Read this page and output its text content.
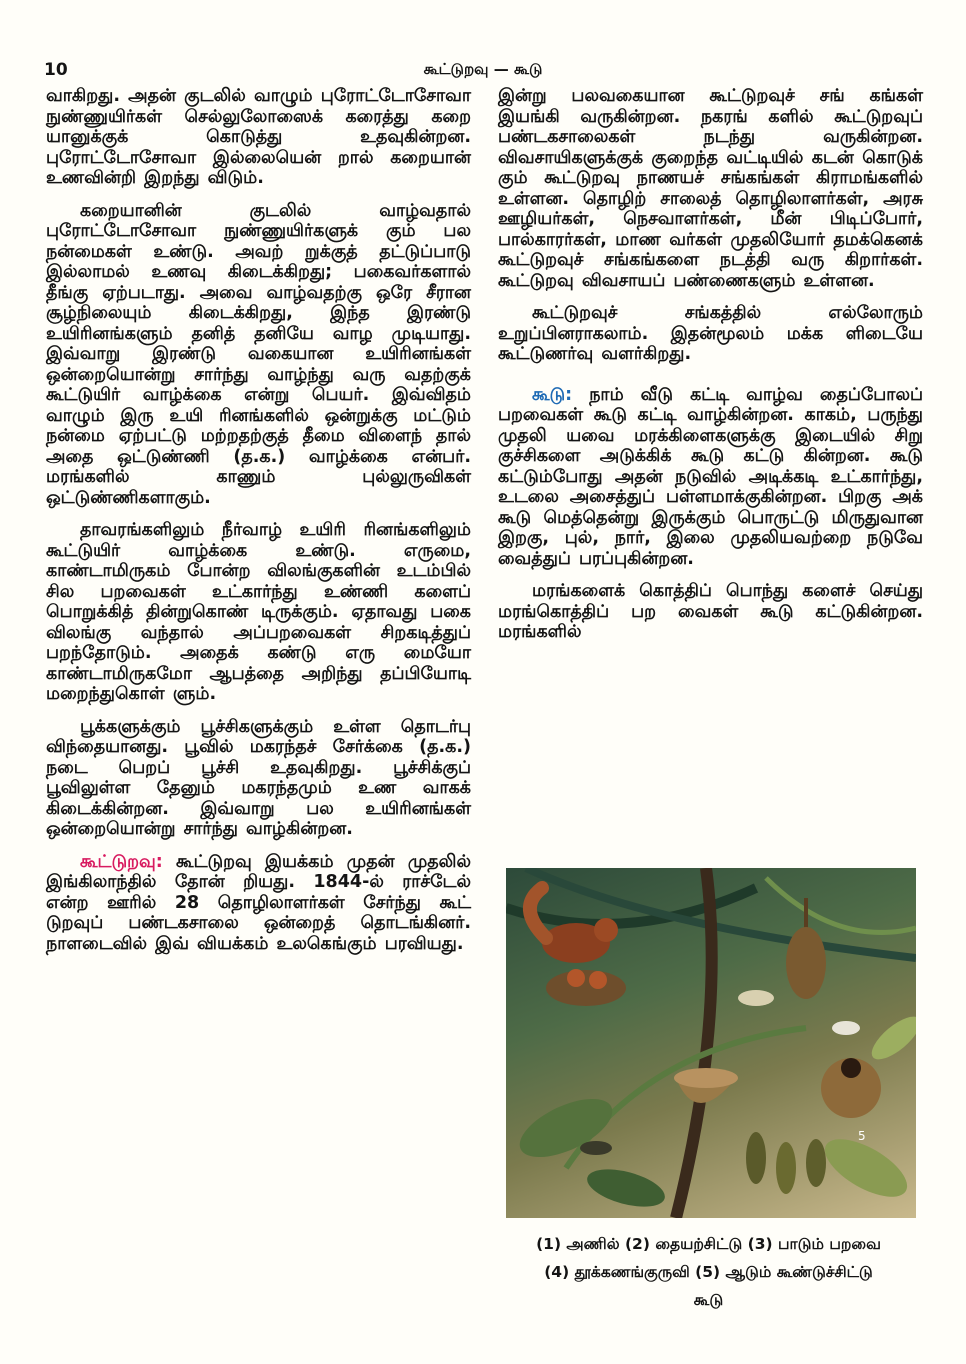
10	கூட்டுறவு — கூடு

வாகிறது. அதன் குடலில் வாழும் புரோட்டோசோவா நுண்ணுயிர்கள் செல்லுலோஸைக் கரைத்து கறை யானுக்குக் கொடுத்து உதவுகின்றன. புரோட்டோசோவா இல்லையென் றால் கறையான் உணவின்றி இறந்து விடும்.

கறையானின் குடலில் வாழ்வதால் புரோட்டோசோவா நுண்ணுயிர்களுக் கும் பல நன்மைகள் உண்டு. அவற் றுக்குத் தட்டுப்பாடு இல்லாமல் உணவு கிடைக்கிறது; பகைவர்களால் தீங்கு ஏற்படாது. அவை வாழ்வதற்கு ஒரே சீரான சூழ்நிலையும் கிடைக்கிறது, இந்த இரண்டு உயிரினங்களும் தனித் தனியே வாழ முடியாது. இவ்வாறு இரண்டு வகையான உயிரினங்கள் ஒன்றையொன்று சார்ந்து வாழ்ந்து வரு வதற்குக் கூட்டுயிர் வாழ்க்கை என்று பெயர். இவ்விதம் வாழும் இரு உயி ரினங்களில் ஒன்றுக்கு மட்டும் நன்மை ஏற்பட்டு மற்றதற்குத் தீமை விளைந் தால் அதை ஒட்டுண்ணி (த.க.) வாழ்க்கை என்பர். மரங்களில் காணும் புல்லுருவிகள் ஒட்டுண்ணிகளாகும்.

தாவரங்களிலும் நீர்வாழ் உயிரி ரினங்களிலும் கூட்டுயிர் வாழ்க்கை உண்டு. எருமை, காண்டாமிருகம் போன்ற விலங்குகளின் உடம்பில் சில பறவைகள் உட்கார்ந்து உண்ணி களைப் பொறுக்கித் தின்றுகொண் டிருக்கும். ஏதாவது பகை விலங்கு வந்தால் அப்பறவைகள் சிறகடித்துப் பறந்தோடும். அதைக் கண்டு எரு மையோ காண்டாமிருகமோ ஆபத்தை அறிந்து தப்பியோடி மறைந்துகொள் ளும்.

பூக்களுக்கும் பூச்சிகளுக்கும் உள்ள தொடர்பு விந்தையானது. பூவில் மகரந்தச் சேர்க்கை (த.க.) நடை பெறப் பூச்சி உதவுகிறது. பூச்சிக்குப் பூவிலுள்ள தேனும் மகரந்தமும் உண வாகக் கிடைக்கின்றன. இவ்வாறு பல உயிரினங்கள் ஒன்றையொன்று சார்ந்து வாழ்கின்றன.

கூட்டுறவு: கூட்டுறவு இயக்கம் முதன் முதலில் இங்கிலாந்தில் தோன் றியது. 1844-ல் ராச்டேல் என்ற ஊரில் 28 தொழிலாளர்கள் சேர்ந்து கூட் டுறவுப் பண்டகசாலை ஒன்றைத் தொடங்கினர். நாளடைவில் இவ் வியக்கம் உலகெங்கும் பரவியது.

இன்று பலவகையான கூட்டுறவுச் சங் கங்கள் இயங்கி வருகின்றன. நகரங் களில் கூட்டுறவுப் பண்டகசாலைகள் நடந்து வருகின்றன. விவசாயிகளுக்குக் குறைந்த வட்டியில் கடன் கொடுக் கும் கூட்டுறவு நாணயச் சங்கங்கள் கிராமங்களில் உள்ளன. தொழிற் சாலைத் தொழிலாளர்கள், அரசு ஊழியர்கள், நெசவாளர்கள், மீன் பிடிப்போர், பால்காரர்கள், மாண வர்கள் முதலியோர் தமக்கெனக் கூட்டுறவுச் சங்கங்களை நடத்தி வரு கிறார்கள். கூட்டுறவு விவசாயப் பண்ணைகளும் உள்ளன.

கூட்டுறவுச் சங்கத்தில் எல்லோரும் உறுப்பினராகலாம். இதன்மூலம் மக்க ளிடையே கூட்டுணர்வு வளர்கிறது.

கூடு: நாம் வீடு கட்டி வாழ்வ தைப்போலப் பறவைகள் கூடு கட்டி வாழ்கின்றன. காகம், பருந்து முதலி யவை மரக்கிளைகளுக்கு இடையில் சிறு குச்சிகளை அடுக்கிக் கூடு கட்டு கின்றன. கூடு கட்டும்போது அதன் நடுவில் அடிக்கடி உட்கார்ந்து, உடலை அசைத்துப் பள்ளமாக்குகின்றன. பிறகு அக் கூடு மெத்தென்று இருக்கும் பொருட்டு மிருதுவான இறகு, புல், நார், இலை முதலியவற்றை நடுவே வைத்துப் பரப்புகின்றன.

மரங்களைக் கொத்திப் பொந்து களைச் செய்து மரங்கொத்திப் பற வைகள் கூடு கட்டுகின்றன. மரங்களில்

5
(1) அணில் (2) தையற்சிட்டு (3) பாடும் பறவை
(4) தூக்கணங்குருவி (5) ஆடும் கூண்டுச்சிட்டு
கூடு
